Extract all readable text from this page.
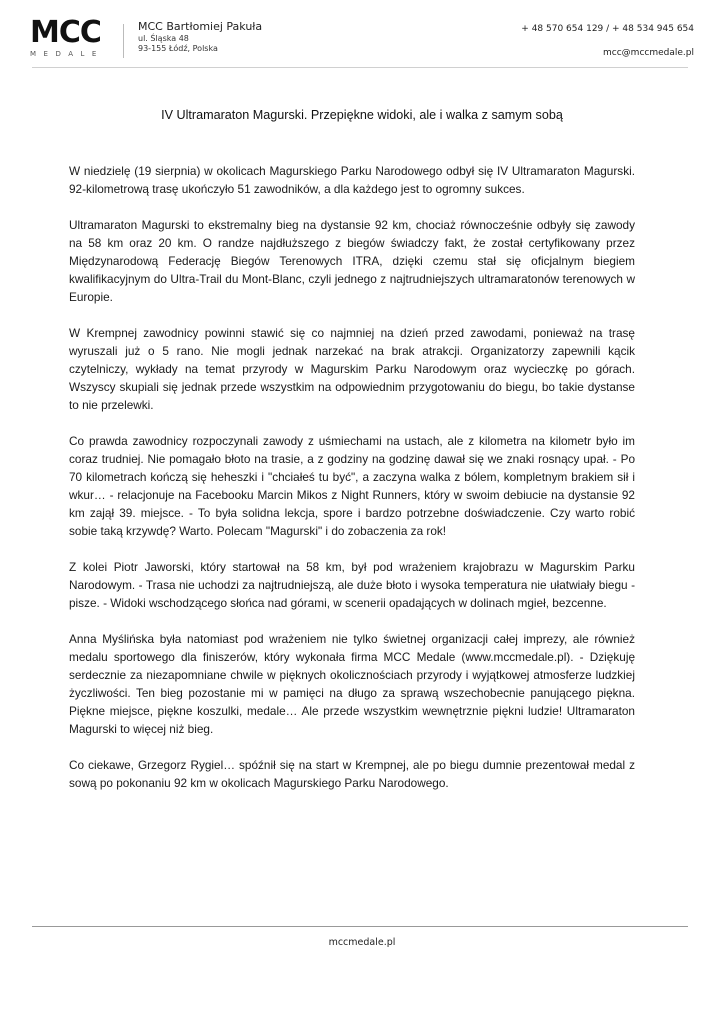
MCC
MEDALE
MCC Bartłomiej Pakuła
ul. Śląska 48
93-155 Łódź, Polska
+ 48 570 654 129 / + 48 534 945 654
mcc@mccmedale.pl
IV Ultramaraton Magurski. Przepiękne widoki, ale i walka z samym sobą

W niedzielę (19 sierpnia) w okolicach Magurskiego Parku Narodowego odbył się IV Ultramaraton Magurski. 92-kilometrową trasę ukończyło 51 zawodników, a dla każdego jest to ogromny sukces.

Ultramaraton Magurski to ekstremalny bieg na dystansie 92 km, chociaż równocześnie odbyły się zawody na 58 km oraz 20 km. O randze najdłuższego z biegów świadczy fakt, że został certyfikowany przez Międzynarodową Federację Biegów Terenowych ITRA, dzięki czemu stał się oficjalnym biegiem kwalifikacyjnym do Ultra-Trail du Mont-Blanc, czyli jednego z najtrudniejszych ultramaratonów terenowych w Europie.

W Krempnej zawodnicy powinni stawić się co najmniej na dzień przed zawodami, ponieważ na trasę wyruszali już o 5 rano. Nie mogli jednak narzekać na brak atrakcji. Organizatorzy zapewnili kącik czytelniczy, wykłady na temat przyrody w Magurskim Parku Narodowym oraz wycieczkę po górach. Wszyscy skupiali się jednak przede wszystkim na odpowiednim przygotowaniu do biegu, bo takie dystanse to nie przelewki.

Co prawda zawodnicy rozpoczynali zawody z uśmiechami na ustach, ale z kilometra na kilometr było im coraz trudniej. Nie pomagało błoto na trasie, a z godziny na godzinę dawał się we znaki rosnący upał. - Po 70 kilometrach kończą się heheszki i "chciałeś tu być", a zaczyna walka z bólem, kompletnym brakiem sił i wkur… - relacjonuje na Facebooku Marcin Mikos z Night Runners, który w swoim debiucie na dystansie 92 km zajął 39. miejsce. - To była solidna lekcja, spore i bardzo potrzebne doświadczenie. Czy warto robić sobie taką krzywdę? Warto. Polecam "Magurski" i do zobaczenia za rok!

Z kolei Piotr Jaworski, który startował na 58 km, był pod wrażeniem krajobrazu w Magurskim Parku Narodowym. - Trasa nie uchodzi za najtrudniejszą, ale duże błoto i wysoka temperatura nie ułatwiały biegu - pisze. - Widoki wschodzącego słońca nad górami, w scenerii opadających w dolinach mgieł, bezcenne.

Anna Myślińska była natomiast pod wrażeniem nie tylko świetnej organizacji całej imprezy, ale również medalu sportowego dla finiszerów, który wykonała firma MCC Medale (www.mccmedale.pl). - Dziękuję serdecznie za niezapomniane chwile w pięknych okolicznościach przyrody i wyjątkowej atmosferze ludzkiej życzliwości. Ten bieg pozostanie mi w pamięci na długo za sprawą wszechobecnie panującego piękna. Piękne miejsce, piękne koszulki, medale… Ale przede wszystkim wewnętrznie piękni ludzie! Ultramaraton Magurski to więcej niż bieg.

Co ciekawe, Grzegorz Rygiel… spóźnił się na start w Krempnej, ale po biegu dumnie prezentował medal z sową po pokonaniu 92 km w okolicach Magurskiego Parku Narodowego.

mccmedale.pl
